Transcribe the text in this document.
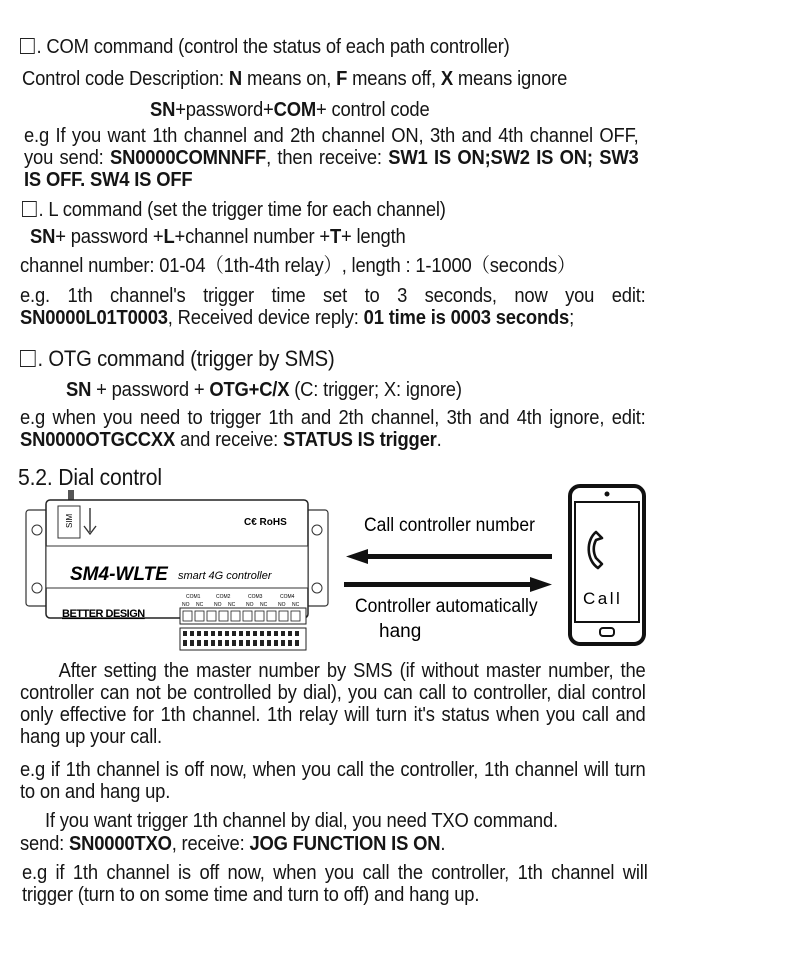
. COM command (control the status of each path controller)
Control code Description: N means on, F means off, X means ignore
SN+password+COM+ control code
e.g If you want 1th channel and 2th channel ON, 3th and 4th channel OFF, you send: SN0000COMNNFF, then receive: SW1 IS ON;SW2 IS ON; SW3 IS OFF. SW4 IS OFF
. L command (set the trigger time for each channel)
SN+ password +L+channel number +T+ length
channel number: 01-04（1th-4th relay）, length : 1-1000（seconds）
e.g. 1th channel's trigger time set to 3 seconds, now you edit: SN0000L01T0003, Received device reply: 01 time is 0003 seconds;
. OTG command (trigger by SMS)
SN + password + OTG+C/X (C: trigger; X: ignore)
e.g when you need to trigger 1th and 2th channel, 3th and 4th ignore, edit: SN0000OTGCCXX and receive: STATUS IS trigger.
5.2. Dial control
SIM	C€ RoHS
SM4-WLTE smart 4G controller
BETTER DESIGN
COM1	COM2	COM3	COM4
NO NC NO NC NO NC NO NC
Call controller number
Controller automatically
hang
Call
After setting the master number by SMS (if without master number, the controller can not be controlled by dial), you can call to controller, dial control only effective for 1th channel. 1th relay will turn it's status when you call and hang up your call.
e.g if 1th channel is off now, when you call the controller, 1th channel will turn to on and hang up.
If you want trigger 1th channel by dial, you need TXO command.
send: SN0000TXO, receive: JOG FUNCTION IS ON.
e.g if 1th channel is off now, when you call the controller, 1th channel will trigger (turn to on some time and turn to off) and hang up.
